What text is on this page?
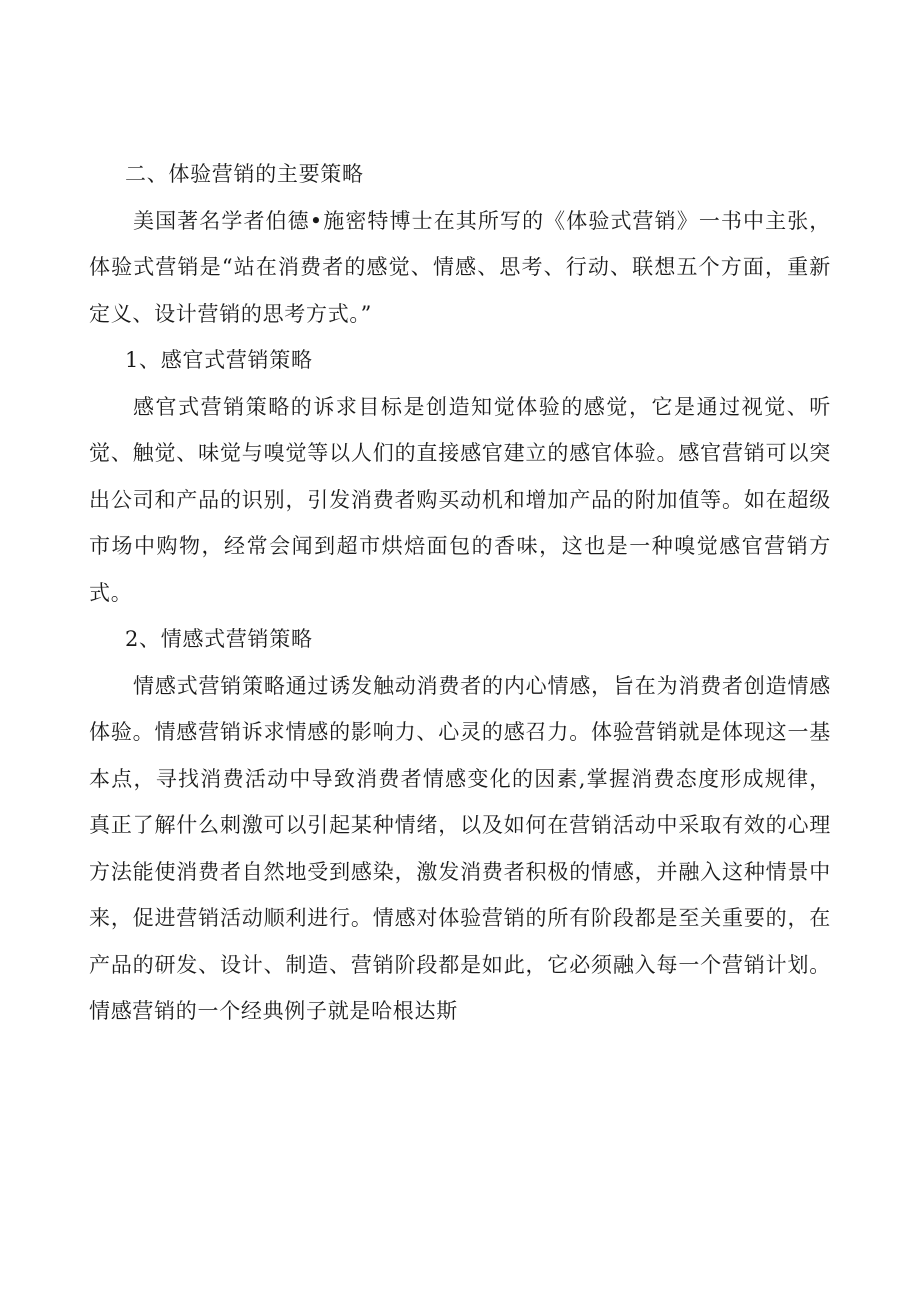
二、体验营销的主要策略

美国著名学者伯德•施密特博士在其所写的《体验式营销》一书中主张，体验式营销是“站在消费者的感觉、情感、思考、行动、联想五个方面，重新定义、设计营销的思考方式。”

1、感官式营销策略

感官式营销策略的诉求目标是创造知觉体验的感觉，它是通过视觉、听觉、触觉、味觉与嗅觉等以人们的直接感官建立的感官体验。感官营销可以突出公司和产品的识别，引发消费者购买动机和增加产品的附加值等。如在超级市场中购物，经常会闻到超市烘焙面包的香味，这也是一种嗅觉感官营销方式。

2、情感式营销策略

情感式营销策略通过诱发触动消费者的内心情感，旨在为消费者创造情感体验。情感营销诉求情感的影响力、心灵的感召力。体验营销就是体现这一基本点，寻找消费活动中导致消费者情感变化的因素,掌握消费态度形成规律，真正了解什么刺激可以引起某种情绪，以及如何在营销活动中采取有效的心理方法能使消费者自然地受到感染，激发消费者积极的情感，并融入这种情景中来，促进营销活动顺利进行。情感对体验营销的所有阶段都是至关重要的，在产品的研发、设计、制造、营销阶段都是如此，它必须融入每一个营销计划。情感营销的一个经典例子就是哈根达斯
